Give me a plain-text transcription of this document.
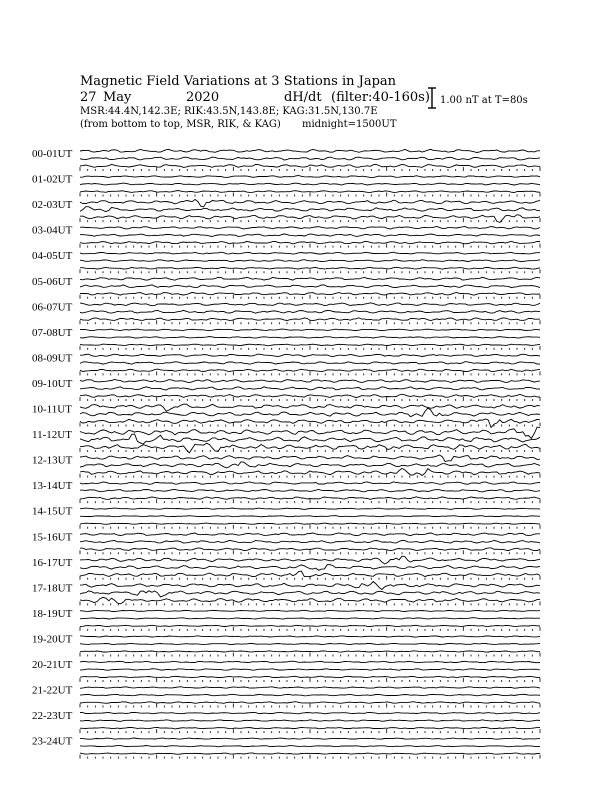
Magnetic Field Variations at 3 Stations in Japan
27 May	2020	dH/dt (filter:40-160s)
MSR:44.4N,142.3E; RIK:43.5N,143.8E; KAG:31.5N,130.7E
(from bottom to top, MSR, RIK, & KAG) midnight=1500UT
1.00 nT at T=80s
00-01UT
01-02UT
02-03UT
03-04UT
04-05UT
05-06UT
06-07UT
07-08UT
08-09UT
09-10UT
10-11UT
11-12UT
12-13UT
13-14UT
14-15UT
15-16UT
16-17UT
17-18UT
18-19UT
19-20UT
20-21UT
21-22UT
22-23UT
23-24UT
